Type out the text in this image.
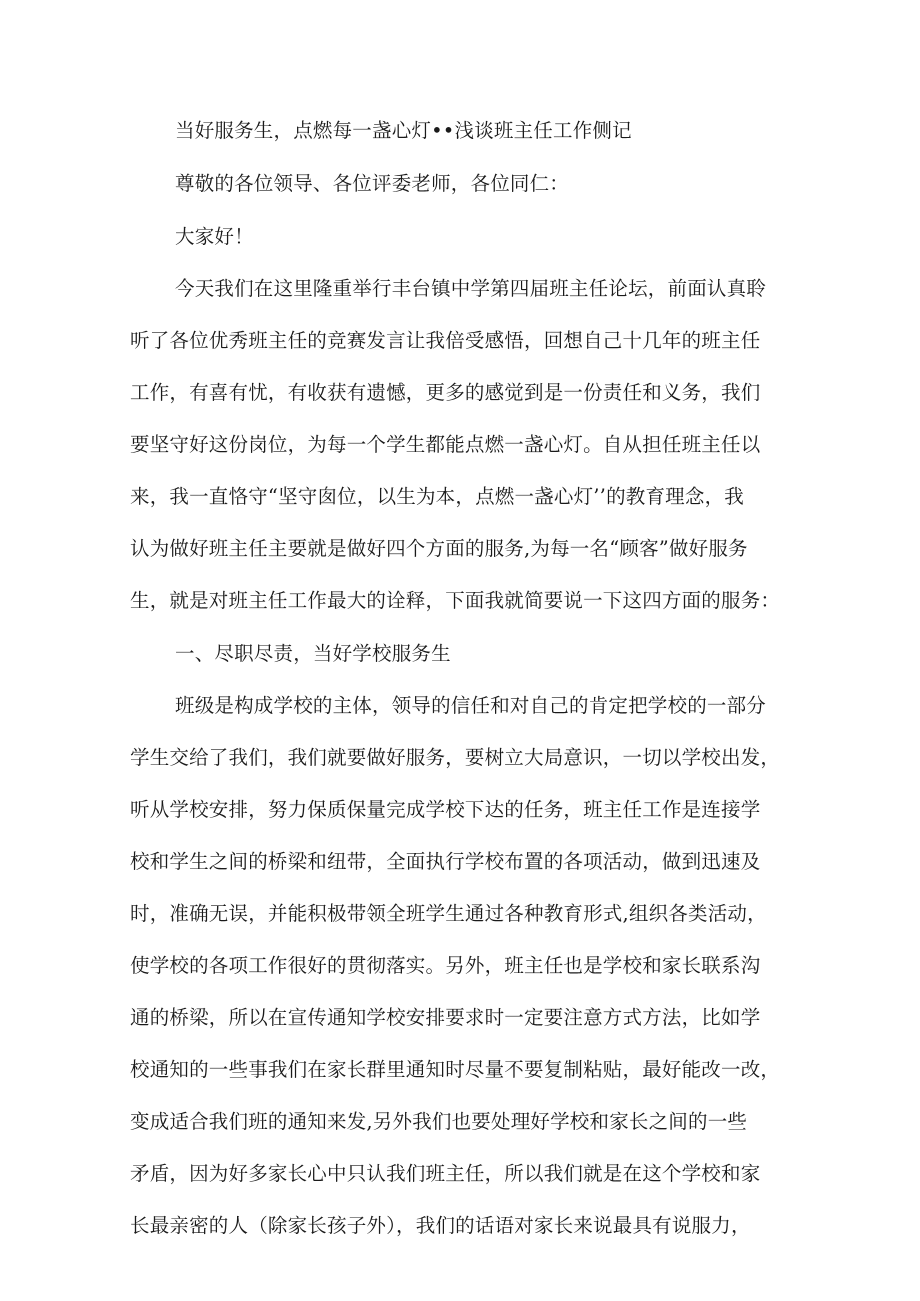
当好服务生，点燃每一盏心灯••浅谈班主任工作侧记
尊敬的各位领导、各位评委老师，各位同仁：
大家好！
今天我们在这里隆重举行丰台镇中学第四届班主任论坛，前面认真聆
听了各位优秀班主任的竞赛发言让我倍受感悟，回想自己十几年的班主任
工作，有喜有忧，有收获有遗憾，更多的感觉到是一份责任和义务，我们
要坚守好这份岗位，为每一个学生都能点燃一盏心灯。自从担任班主任以
来，我一直恪守“坚守囱位，以生为本，点燃一盏心灯’’的教育理念，我
认为做好班主任主要就是做好四个方面的服务,为每一名“顾客”做好服务
生，就是对班主任工作最大的诠释，下面我就简要说一下这四方面的服务：
一、尽职尽责，当好学校服务生
班级是构成学校的主体，领导的信任和对自己的肯定把学校的一部分
学生交给了我们，我们就要做好服务，要树立大局意识，一切以学校出发，
听从学校安排，努力保质保量完成学校下达的任务，班主任工作是连接学
校和学生之间的桥梁和纽带，全面执行学校布置的各项活动，做到迅速及
时，准确无误，并能积极带领全班学生通过各种教育形式,组织各类活动，
使学校的各项工作很好的贯彻落实。另外，班主任也是学校和家长联系沟
通的桥梁，所以在宣传通知学校安排要求时一定要注意方式方法，比如学
校通知的一些事我们在家长群里通知时尽量不要复制粘贴，最好能改一改，
变成适合我们班的通知来发,另外我们也要处理好学校和家长之间的一些
矛盾，因为好多家长心中只认我们班主任，所以我们就是在这个学校和家
长最亲密的人（除家长孩子外），我们的话语对家长来说最具有说服力，
